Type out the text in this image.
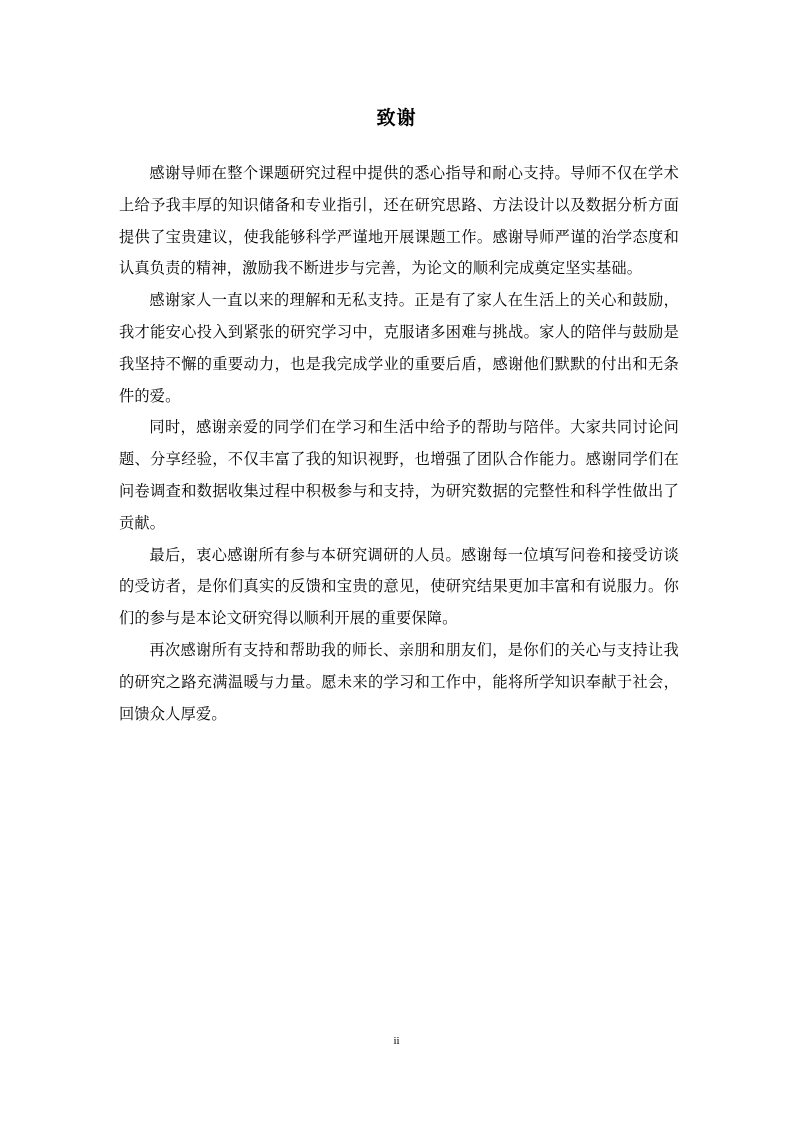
致谢

感谢导师在整个课题研究过程中提供的悉心指导和耐心支持。导师不仅在学术上给予我丰厚的知识储备和专业指引，还在研究思路、方法设计以及数据分析方面提供了宝贵建议，使我能够科学严谨地开展课题工作。感谢导师严谨的治学态度和认真负责的精神，激励我不断进步与完善，为论文的顺利完成奠定坚实基础。

感谢家人一直以来的理解和无私支持。正是有了家人在生活上的关心和鼓励，我才能安心投入到紧张的研究学习中，克服诸多困难与挑战。家人的陪伴与鼓励是我坚持不懈的重要动力，也是我完成学业的重要后盾，感谢他们默默的付出和无条件的爱。

同时，感谢亲爱的同学们在学习和生活中给予的帮助与陪伴。大家共同讨论问题、分享经验，不仅丰富了我的知识视野，也增强了团队合作能力。感谢同学们在问卷调查和数据收集过程中积极参与和支持，为研究数据的完整性和科学性做出了贡献。

最后，衷心感谢所有参与本研究调研的人员。感谢每一位填写问卷和接受访谈的受访者，是你们真实的反馈和宝贵的意见，使研究结果更加丰富和有说服力。你们的参与是本论文研究得以顺利开展的重要保障。

再次感谢所有支持和帮助我的师长、亲朋和朋友们，是你们的关心与支持让我的研究之路充满温暖与力量。愿未来的学习和工作中，能将所学知识奉献于社会，回馈众人厚爱。

ii
